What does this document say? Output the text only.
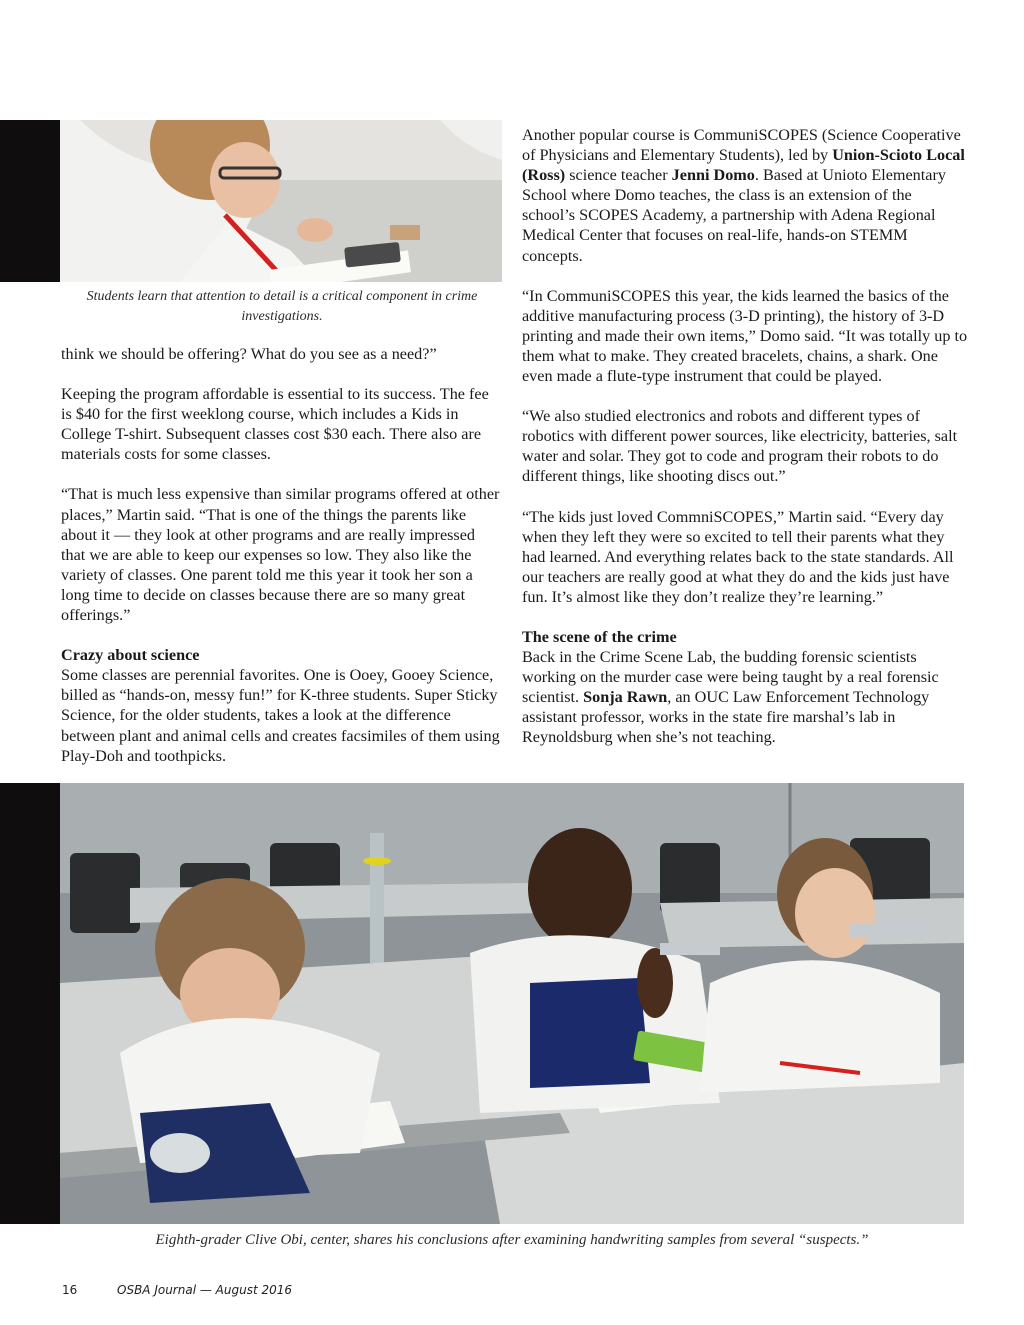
Students learn that attention to detail is a critical component in crime investigations.

think we should be offering? What do you see as a need?”

Keeping the program affordable is essential to its success. The fee is $40 for the first weeklong course, which includes a Kids in College T-shirt. Subsequent classes cost $30 each. There also are materials costs for some classes.

“That is much less expensive than similar programs offered at other places,” Martin said. “That is one of the things the parents like about it — they look at other programs and are really impressed that we are able to keep our expenses so low. They also like the variety of classes. One parent told me this year it took her son a long time to decide on classes because there are so many great offerings.”

Crazy about science
Some classes are perennial favorites. One is Ooey, Gooey Science, billed as “hands-on, messy fun!” for K-three students. Super Sticky Science, for the older students, takes a look at the difference between plant and animal cells and creates facsimiles of them using Play-Doh and toothpicks.

Another popular course is CommuniSCOPES (Science Cooperative of Physicians and Elementary Students), led by Union-Scioto Local (Ross) science teacher Jenni Domo. Based at Unioto Elementary School where Domo teaches, the class is an extension of the school’s SCOPES Academy, a partnership with Adena Regional Medical Center that focuses on real-life, hands-on STEMM concepts.

“In CommuniSCOPES this year, the kids learned the basics of the additive manufacturing process (3-D printing), the history of 3-D printing and made their own items,” Domo said. “It was totally up to them what to make. They created bracelets, chains, a shark. One even made a flute-type instrument that could be played.

“We also studied electronics and robots and different types of robotics with different power sources, like electricity, batteries, salt water and solar. They got to code and program their robots to do different things, like shooting discs out.”

“The kids just loved CommniSCOPES,” Martin said. “Every day when they left they were so excited to tell their parents what they had learned. And everything relates back to the state standards. All our teachers are really good at what they do and the kids just have fun. It’s almost like they don’t realize they’re learning.”

The scene of the crime
Back in the Crime Scene Lab, the budding forensic scientists working on the murder case were being taught by a real forensic scientist. Sonja Rawn, an OUC Law Enforcement Technology assistant professor, works in the state fire marshal’s lab in Reynoldsburg when she’s not teaching.

Eighth-grader Clive Obi, center, shares his conclusions after examining handwriting samples from several “suspects.”
16	OSBA Journal — August 2016
